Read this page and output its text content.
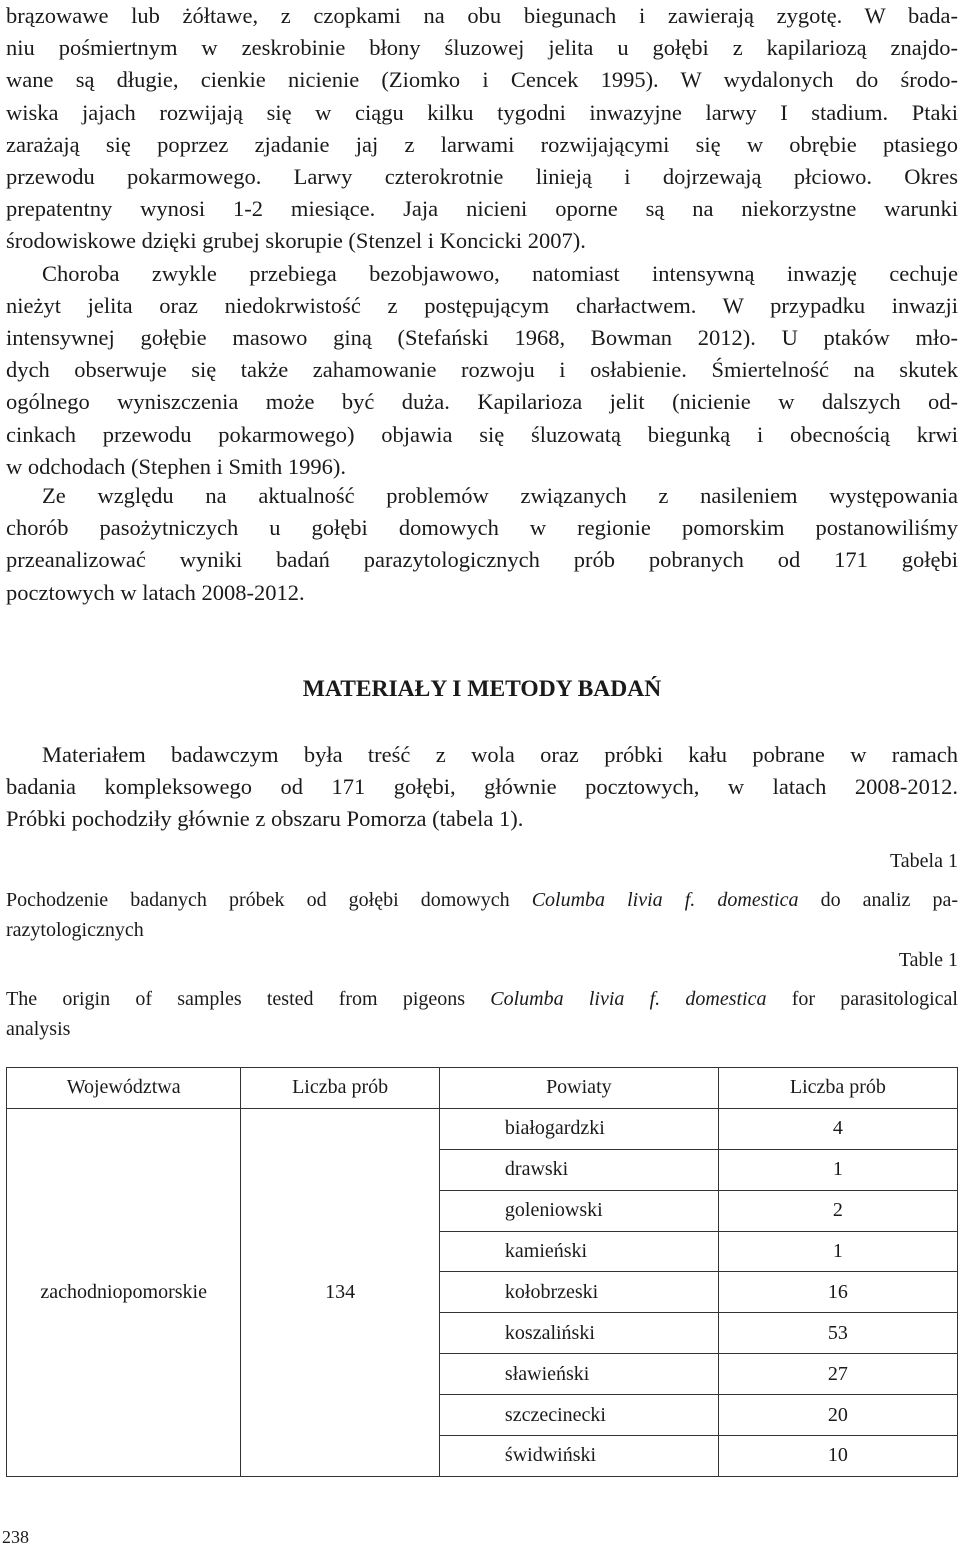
brązowawe lub żółtawe, z czopkami na obu biegunach i zawierają zygotę. W bada-
niu pośmiertnym w zeskrobinie błony śluzowej jelita u gołębi z kapilariozą znajdo-
wane są długie, cienkie nicienie (Ziomko i Cencek 1995). W wydalonych do środo-
wiska jajach rozwijają się w ciągu kilku tygodni inwazyjne larwy I stadium. Ptaki
zarażają się poprzez zjadanie jaj z larwami rozwijającymi się w obrębie ptasiego
przewodu pokarmowego. Larwy czterokrotnie linieją i dojrzewają płciowo. Okres
prepatentny wynosi 1-2 miesiące. Jaja nicieni oporne są na niekorzystne warunki
środowiskowe dzięki grubej skorupie (Stenzel i Koncicki 2007).
Choroba zwykle przebiega bezobjawowo, natomiast intensywną inwazję cechuje
nieżyt jelita oraz niedokrwistość z postępującym charłactwem. W przypadku inwazji
intensywnej gołębie masowo giną (Stefański 1968, Bowman 2012). U ptaków mło-
dych obserwuje się także zahamowanie rozwoju i osłabienie. Śmiertelność na skutek
ogólnego wyniszczenia może być duża. Kapilarioza jelit (nicienie w dalszych od-
cinkach przewodu pokarmowego) objawia się śluzowatą biegunką i obecnością krwi
w odchodach (Stephen i Smith 1996).
Ze względu na aktualność problemów związanych z nasileniem występowania
chorób pasożytniczych u gołębi domowych w regionie pomorskim postanowiliśmy
przeanalizować wyniki badań parazytologicznych prób pobranych od 171 gołębi
pocztowych w latach 2008-2012.
MATERIAŁY I METODY BADAŃ
Materiałem badawczym była treść z wola oraz próbki kału pobrane w ramach
badania kompleksowego od 171 gołębi, głównie pocztowych, w latach 2008-2012.
Próbki pochodziły głównie z obszaru Pomorza (tabela 1).

Tabela 1

Pochodzenie badanych próbek od gołębi domowych Columba livia f. domestica do analiz pa-
razytologicznych

Table 1

The origin of samples tested from pigeons Columba livia f. domestica for parasitological
analysis
Województwa	Liczba prób	Powiaty	Liczba prób
zachodniopomorskie	134	białogardzki	4
		drawski	1
		goleniowski	2
		kamieński	1
		kołobrzeski	16
		koszaliński	53
		sławieński	27
		szczecinecki	20
		świdwiński	10

238
